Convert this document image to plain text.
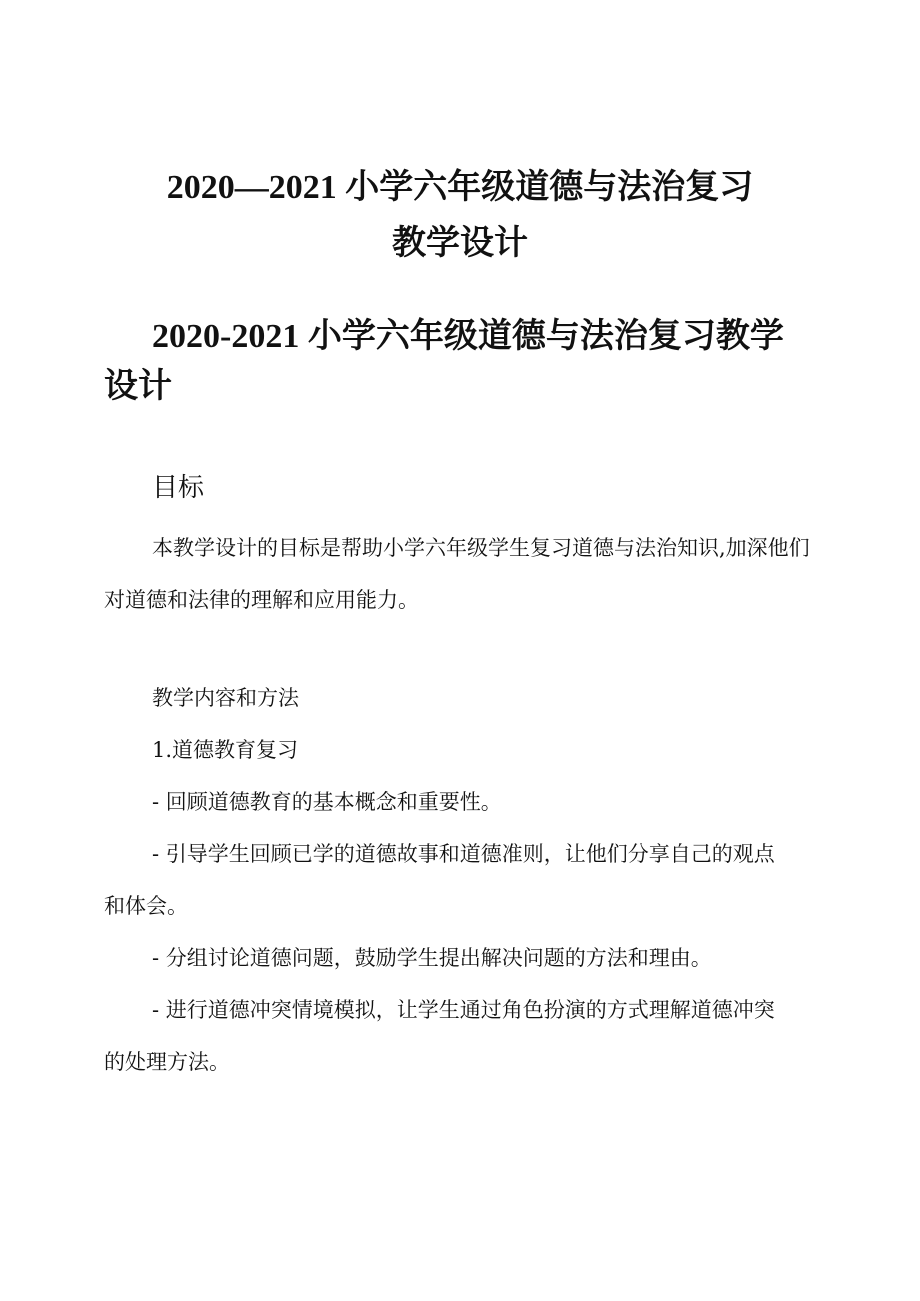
2020—2021 小学六年级道德与法治复习
教学设计
2020-2021 小学六年级道德与法治复习教学设计
目标

本教学设计的目标是帮助小学六年级学生复习道德与法治知识,加深他们对道德和法律的理解和应用能力。

教学内容和方法

1.道德教育复习

- 回顾道德教育的基本概念和重要性。

- 引导学生回顾已学的道德故事和道德准则，让他们分享自己的观点和体会。

- 分组讨论道德问题，鼓励学生提出解决问题的方法和理由。

- 进行道德冲突情境模拟，让学生通过角色扮演的方式理解道德冲突的处理方法。
